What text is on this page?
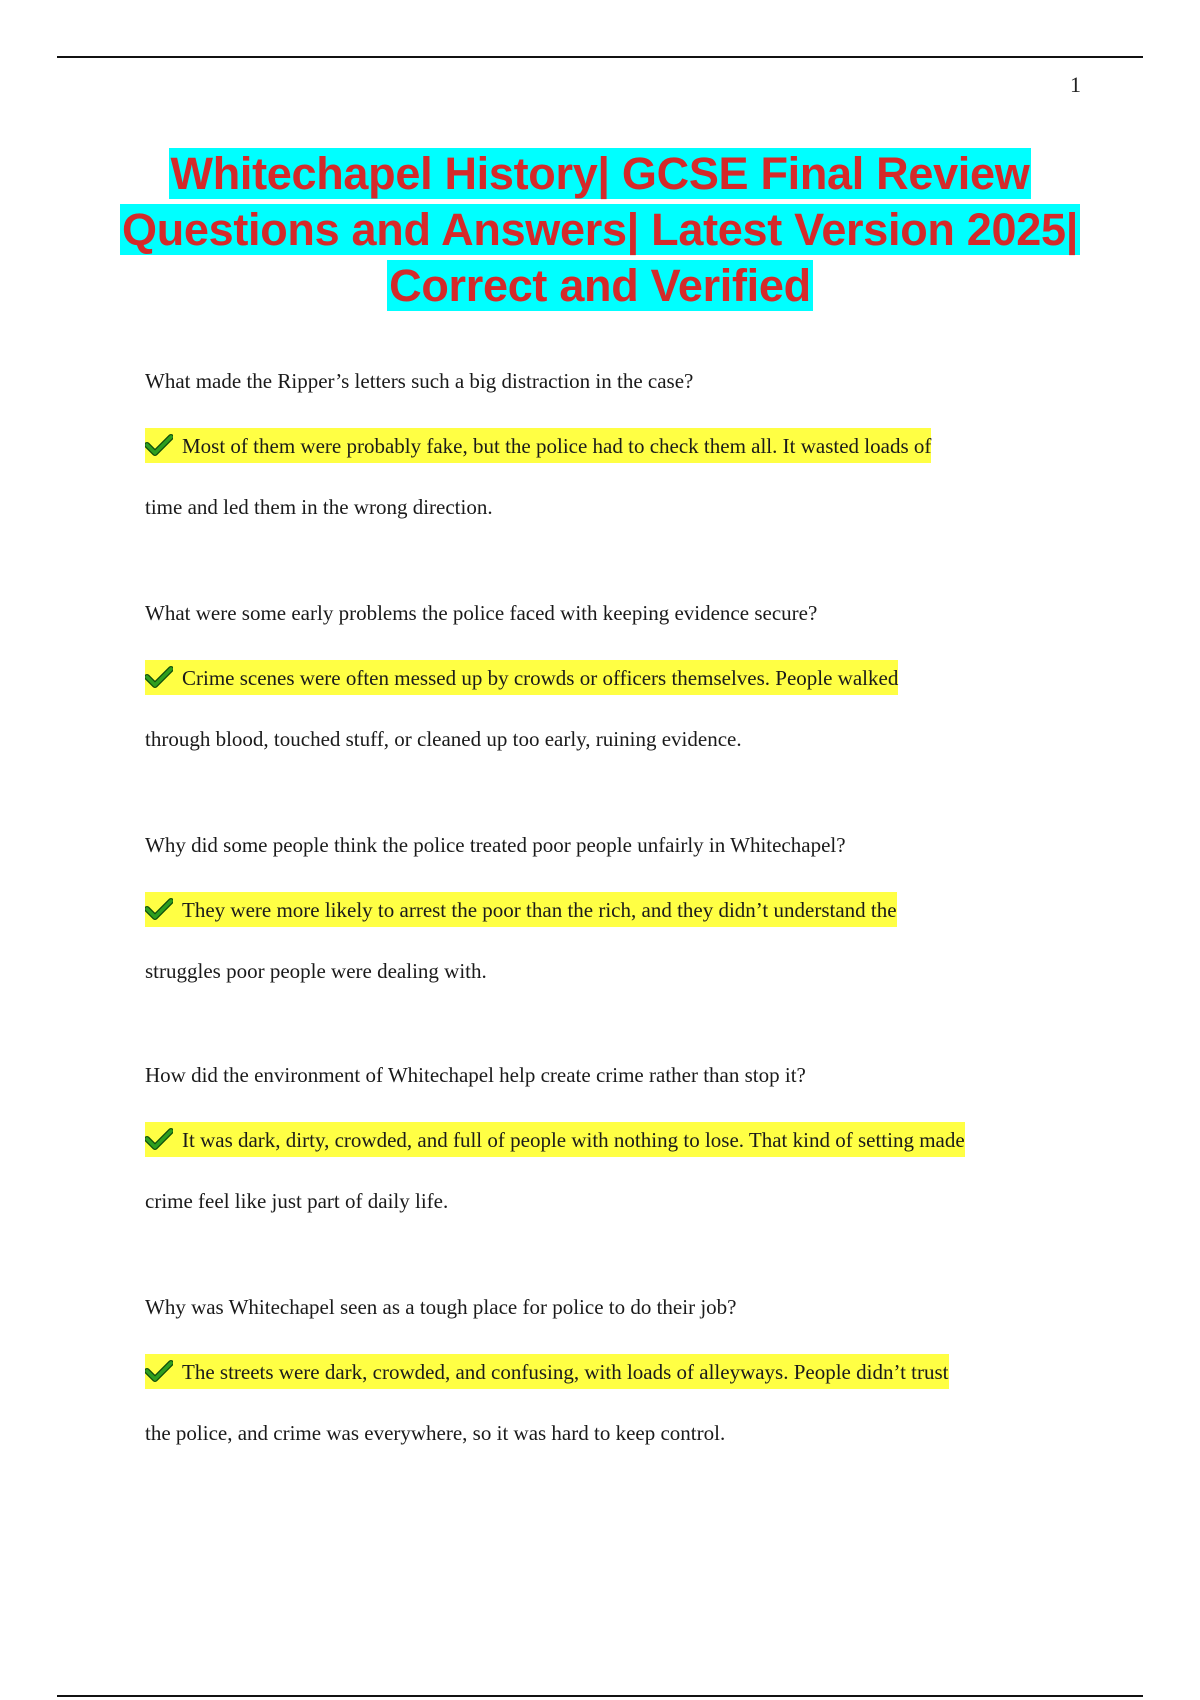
1
Whitechapel History| GCSE Final Review Questions and Answers| Latest Version 2025| Correct and Verified

What made the Ripper’s letters such a big distraction in the case?

Most of them were probably fake, but the police had to check them all. It wasted loads of
time and led them in the wrong direction.

What were some early problems the police faced with keeping evidence secure?

Crime scenes were often messed up by crowds or officers themselves. People walked
through blood, touched stuff, or cleaned up too early, ruining evidence.

Why did some people think the police treated poor people unfairly in Whitechapel?

They were more likely to arrest the poor than the rich, and they didn’t understand the
struggles poor people were dealing with.

How did the environment of Whitechapel help create crime rather than stop it?

It was dark, dirty, crowded, and full of people with nothing to lose. That kind of setting made
crime feel like just part of daily life.

Why was Whitechapel seen as a tough place for police to do their job?

The streets were dark, crowded, and confusing, with loads of alleyways. People didn’t trust
the police, and crime was everywhere, so it was hard to keep control.
